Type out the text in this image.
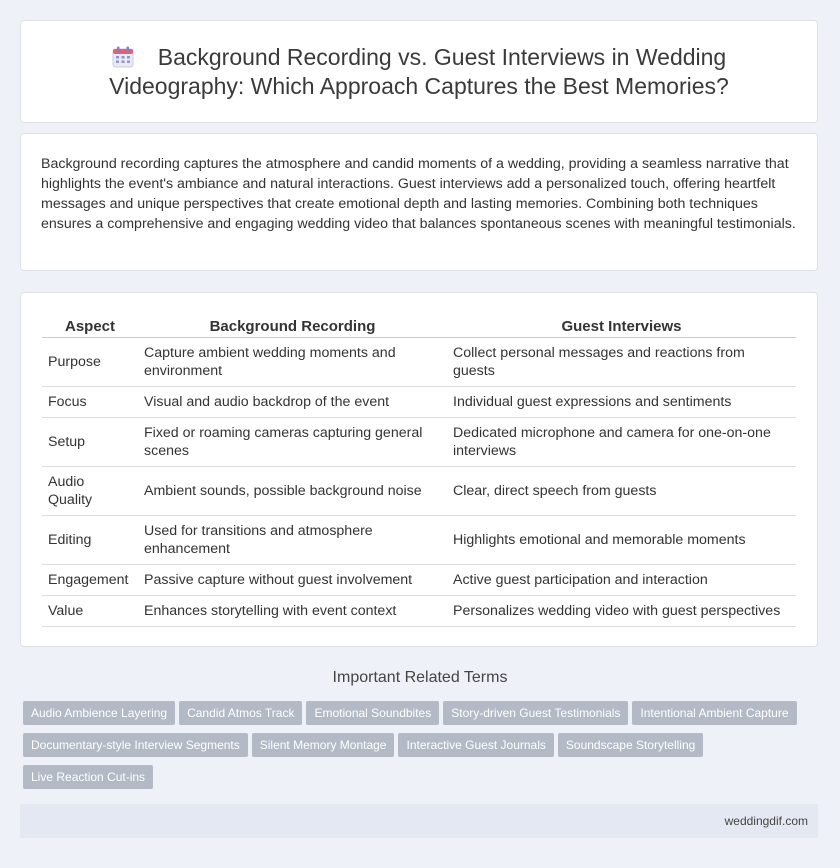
Background Recording vs. Guest Interviews in Wedding Videography: Which Approach Captures the Best Memories?

Background recording captures the atmosphere and candid moments of a wedding, providing a seamless narrative that highlights the event's ambiance and natural interactions. Guest interviews add a personalized touch, offering heartfelt messages and unique perspectives that create emotional depth and lasting memories. Combining both techniques ensures a comprehensive and engaging wedding video that balances spontaneous scenes with meaningful testimonials.

Aspect	Background Recording	Guest Interviews
Purpose	Capture ambient wedding moments and environment	Collect personal messages and reactions from guests
Focus	Visual and audio backdrop of the event	Individual guest expressions and sentiments
Setup	Fixed or roaming cameras capturing general scenes	Dedicated microphone and camera for one-on-one interviews
Audio Quality	Ambient sounds, possible background noise	Clear, direct speech from guests
Editing	Used for transitions and atmosphere enhancement	Highlights emotional and memorable moments
Engagement	Passive capture without guest involvement	Active guest participation and interaction
Value	Enhances storytelling with event context	Personalizes wedding video with guest perspectives
Important Related Terms
Audio Ambience Layering Candid Atmos Track Emotional Soundbites Story-driven Guest Testimonials Intentional Ambient CaptureDocumentary-style Interview Segments Silent Memory Montage Interactive Guest Journals Soundscape StorytellingLive Reaction Cut-ins
weddingdif.com
